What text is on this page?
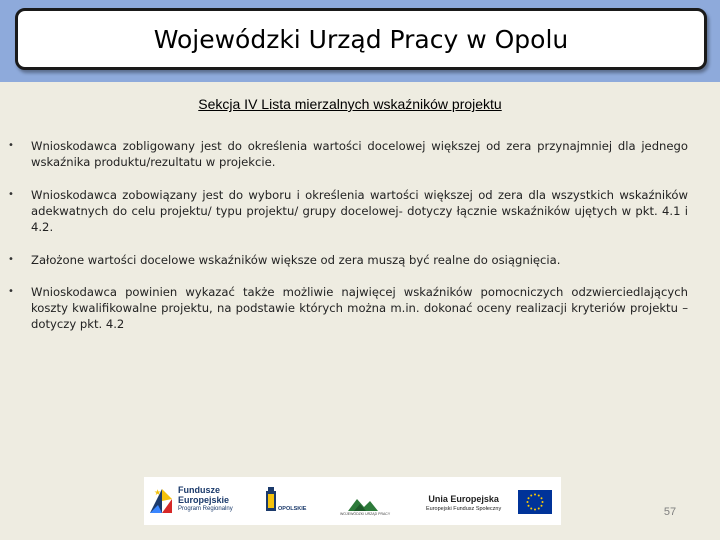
Wojewódzki Urząd Pracy w Opolu
Sekcja IV Lista mierzalnych wskaźników projektu
• Wnioskodawca zobligowany jest do określenia wartości docelowej większej od zera przynajmniej dla jednego wskaźnika produktu/rezultatu w projekcie.
• Wnioskodawca zobowiązany jest do wyboru i określenia wartości większej od zera dla wszystkich wskaźników adekwatnych do celu projektu/ typu projektu/ grupy docelowej- dotyczy łącznie wskaźników ujętych w pkt. 4.1 i 4.2.
• Założone wartości docelowe wskaźników większe od zera muszą być realne do osiągnięcia.
• Wnioskodawca powinien wykazać także możliwie najwięcej wskaźników pomocniczych odzwierciedlających koszty kwalifikowalne projektu, na podstawie których można m.in. dokonać oceny realizacji kryteriów projektu – dotyczy pkt. 4.2
★ Fundusze
Europejskie
Program Regionalny	OPOLSKIE
WOJEWÓDZKI URZĄD PRACY
Unia Europejska
Europejski Fundusz Społeczny	57
